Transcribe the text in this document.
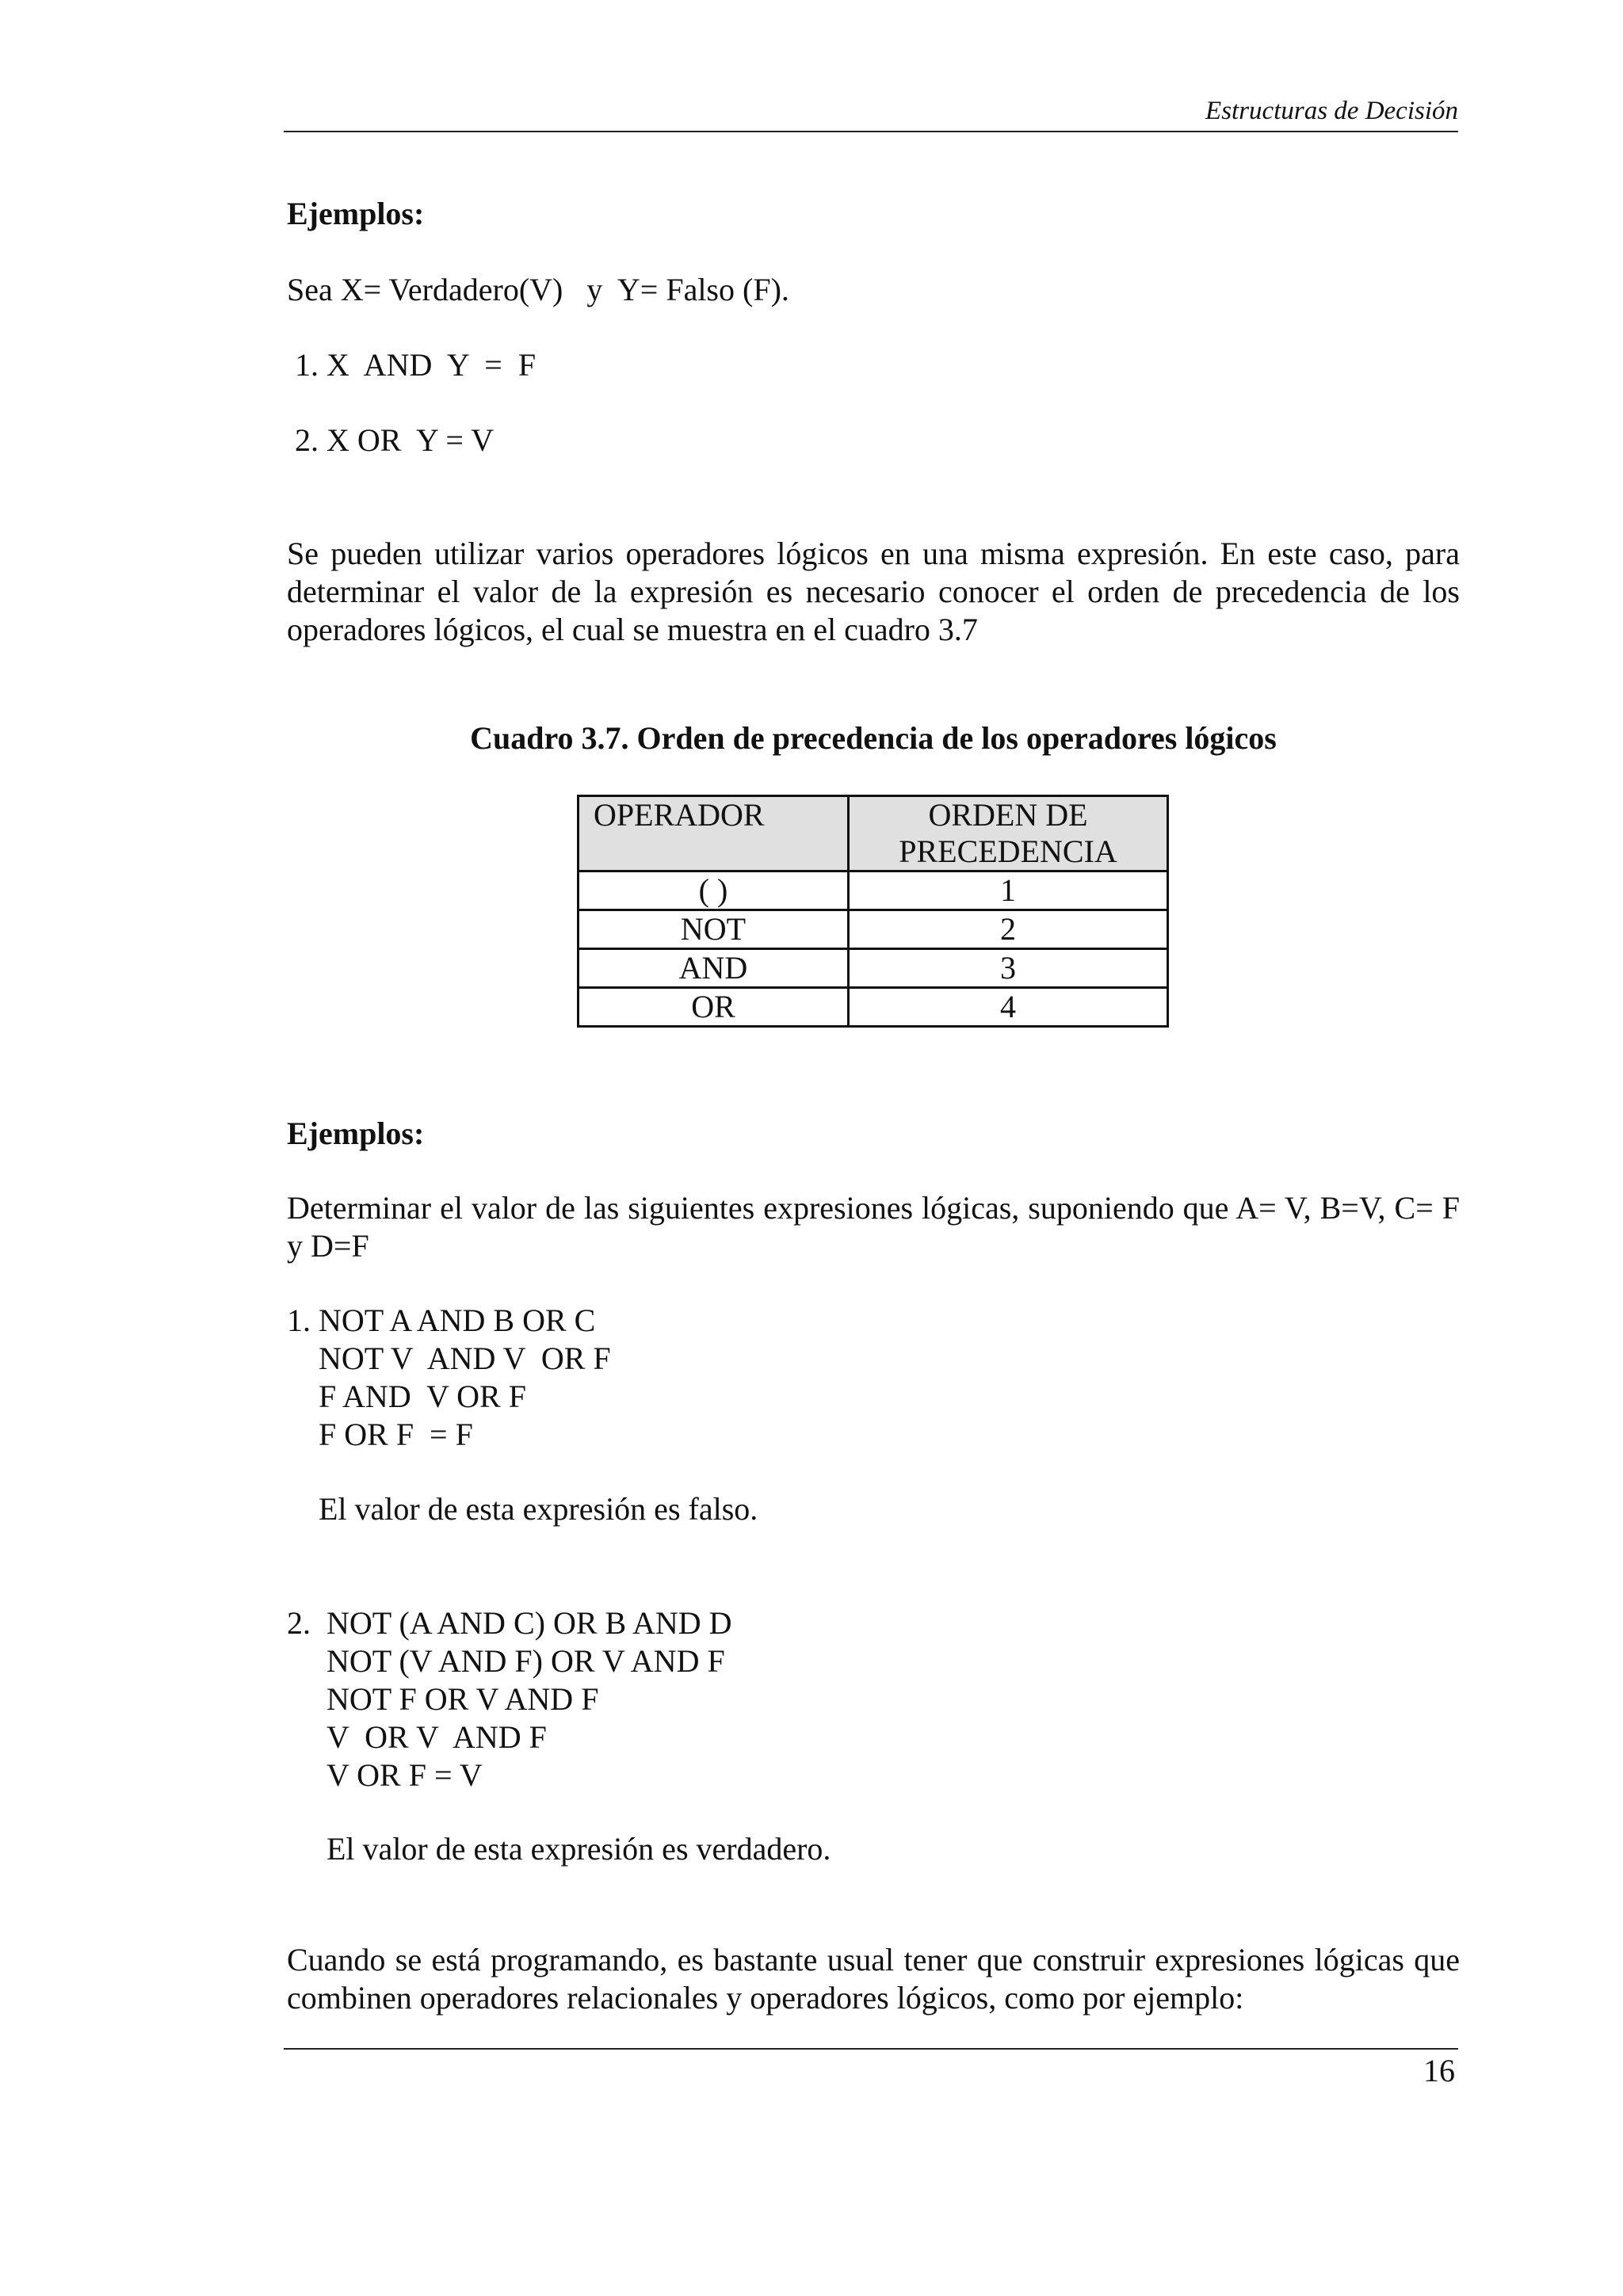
Estructuras de Decisión
Ejemplos:
Sea X= Verdadero(V)   y  Y= Falso (F).
1. X  AND  Y  =  F
2. X OR  Y = V
Se pueden utilizar varios operadores lógicos en una misma expresión. En este caso, para determinar el valor de la expresión es necesario conocer el orden de precedencia de los operadores lógicos, el cual se muestra en el cuadro 3.7
Cuadro 3.7. Orden de precedencia de los operadores lógicos
OPERADOR	ORDEN DE PRECEDENCIA
( )	1
NOT	2
AND	3
OR	4
Ejemplos:
Determinar el valor de las siguientes expresiones lógicas, suponiendo que A= V, B=V, C= F y D=F
1. NOT A AND B OR C
NOT V  AND V  OR F
F AND  V OR F
F OR F  = F
El valor de esta expresión es falso.
2.  NOT (A AND C) OR B AND D
NOT (V AND F) OR V AND F
NOT F OR V AND F
V  OR V  AND F
V OR F = V
El valor de esta expresión es verdadero.
Cuando se está programando, es bastante usual tener que construir expresiones lógicas que combinen operadores relacionales y operadores lógicos, como por ejemplo:
16
